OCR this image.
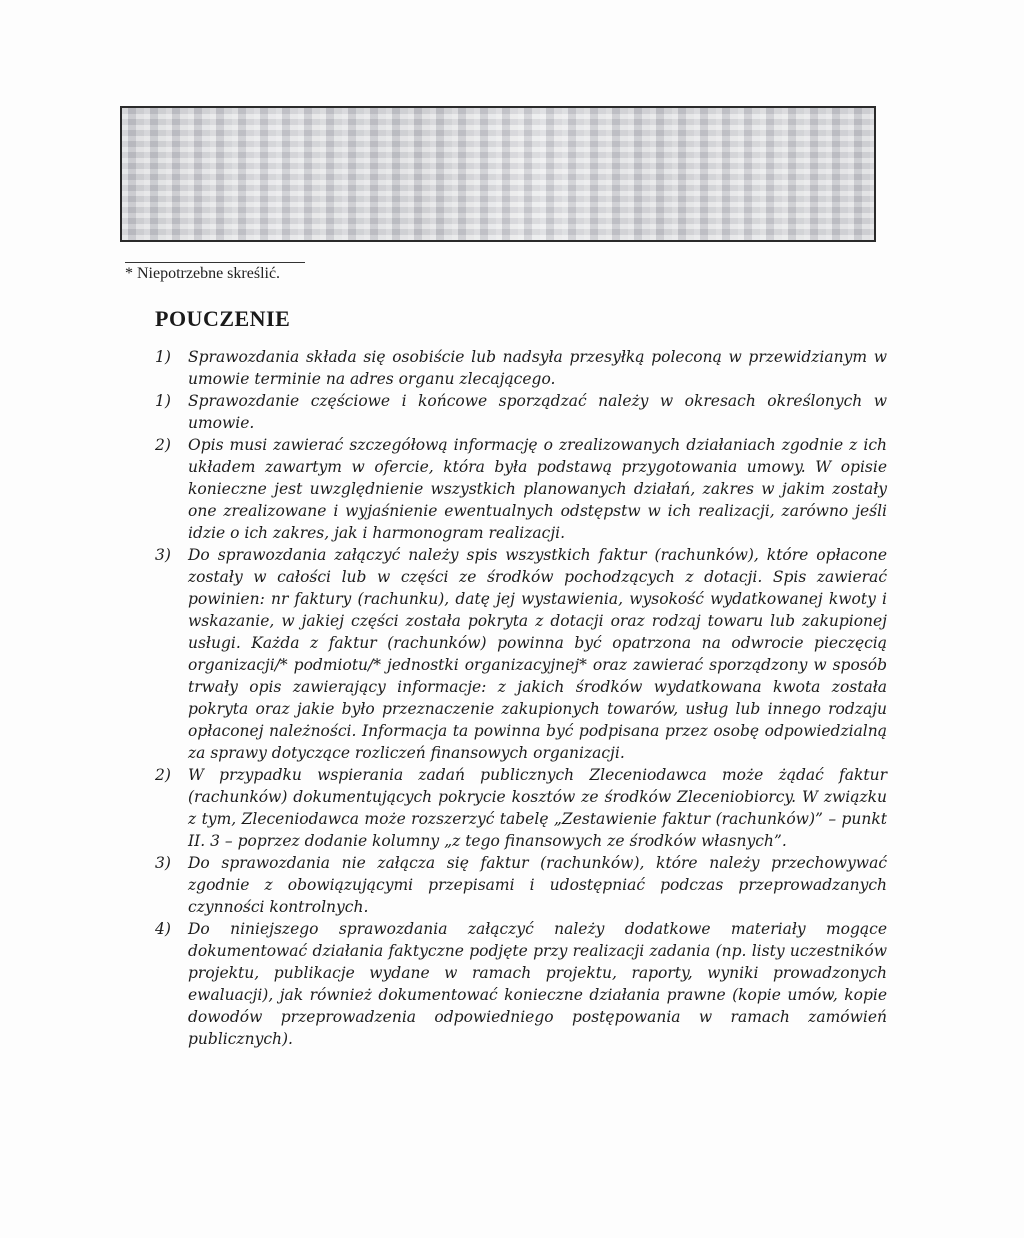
* Niepotrzebne skreślić.
POUCZENIE
1) Sprawozdania składa się osobiście lub nadsyła przesyłką poleconą w przewidzianym w umowie terminie na adres organu zlecającego.
1) Sprawozdanie częściowe i końcowe sporządzać należy w okresach określonych w umowie.
2) Opis musi zawierać szczegółową informację o zrealizowanych działaniach zgodnie z ich układem zawartym w ofercie, która była podstawą przygotowania umowy. W opisie konieczne jest uwzględnienie wszystkich planowanych działań, zakres w jakim zostały one zrealizowane i wyjaśnienie ewentualnych odstępstw w ich realizacji, zarówno jeśli idzie o ich zakres, jak i harmonogram realizacji.
3) Do sprawozdania załączyć należy spis wszystkich faktur (rachunków), które opłacone zostały w całości lub w części ze środków pochodzących z dotacji. Spis zawierać powinien: nr faktury (rachunku), datę jej wystawienia, wysokość wydatkowanej kwoty i wskazanie, w jakiej części została pokryta z dotacji oraz rodzaj towaru lub zakupionej usługi. Każda z faktur (rachunków) powinna być opatrzona na odwrocie pieczęcią organizacji/* podmiotu/* jednostki organizacyjnej* oraz zawierać sporządzony w sposób trwały opis zawierający informacje: z jakich środków wydatkowana kwota została pokryta oraz jakie było przeznaczenie zakupionych towarów, usług lub innego rodzaju opłaconej należności. Informacja ta powinna być podpisana przez osobę odpowiedzialną za sprawy dotyczące rozliczeń finansowych organizacji.
2) W przypadku wspierania zadań publicznych Zleceniodawca może żądać faktur (rachunków) dokumentujących pokrycie kosztów ze środków Zleceniobiorcy. W związku z tym, Zleceniodawca może rozszerzyć tabelę „Zestawienie faktur (rachunków)” – punkt II. 3 – poprzez dodanie kolumny „z tego finansowych ze środków własnych”.
3) Do sprawozdania nie załącza się faktur (rachunków), które należy przechowywać zgodnie z obowiązującymi przepisami i udostępniać podczas przeprowadzanych czynności kontrolnych.
4) Do niniejszego sprawozdania załączyć należy dodatkowe materiały mogące dokumentować działania faktyczne podjęte przy realizacji zadania (np. listy uczestników projektu, publikacje wydane w ramach projektu, raporty, wyniki prowadzonych ewaluacji), jak również dokumentować konieczne działania prawne (kopie umów, kopie dowodów przeprowadzenia odpowiedniego postępowania w ramach zamówień publicznych).
